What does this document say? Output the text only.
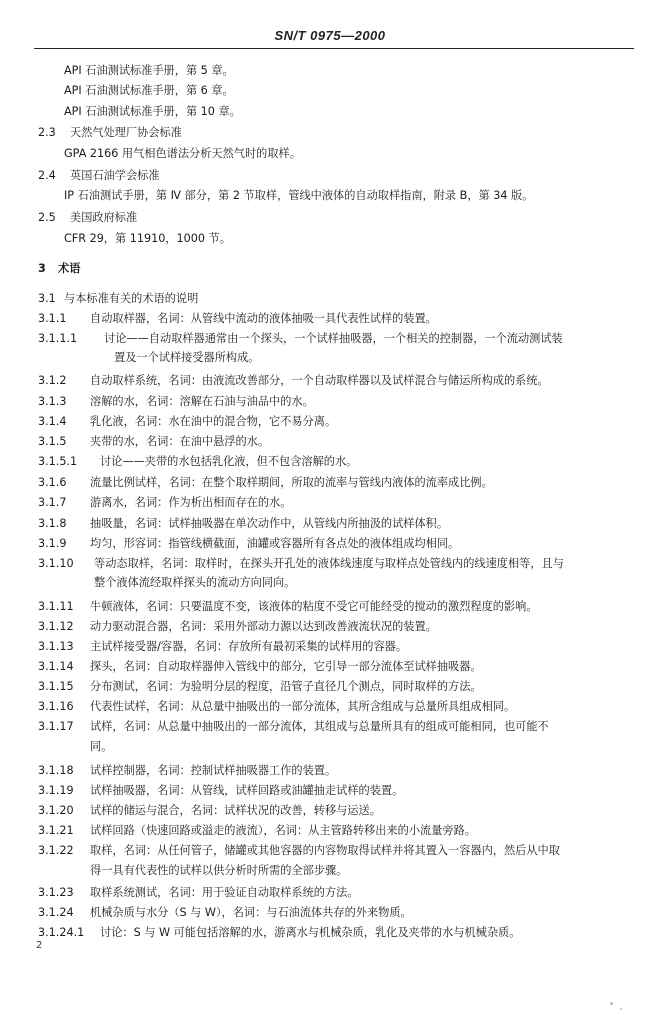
SN/T 0975—2000
API 石油测试标准手册，第 5 章。
API 石油测试标准手册，第 6 章。
API 石油测试标准手册，第 10 章。
2.3 天然气处理厂协会标准
GPA 2166 用气相色谱法分析天然气时的取样。
2.4 英国石油学会标准
IP 石油测试手册，第 Ⅳ 部分，第 2 节取样，管线中液体的自动取样指南，附录 B，第 34 版。
2.5 美国政府标准
CFR 29，第 11910，1000 节。
3 术语
3.1 与本标准有关的术语的说明
3.1.1 自动取样器，名词：从管线中流动的液体抽吸一具代表性试样的装置。
3.1.1.1 讨论——自动取样器通常由一个探头，一个试样抽吸器，一个相关的控制器，一个流动测试装
置及一个试样接受器所构成。
3.1.2 自动取样系统，名词：由液流改善部分，一个自动取样器以及试样混合与储运所构成的系统。
3.1.3 溶解的水，名词：溶解在石油与油品中的水。
3.1.4 乳化液，名词：水在油中的混合物，它不易分离。
3.1.5 夹带的水，名词：在油中悬浮的水。
3.1.5.1 讨论——夹带的水包括乳化液，但不包含溶解的水。
3.1.6 流量比例试样，名词：在整个取样期间，所取的流率与管线内液体的流率成比例。
3.1.7 游离水，名词：作为析出相而存在的水。
3.1.8 抽吸量，名词：试样抽吸器在单次动作中，从管线内所抽汲的试样体积。
3.1.9 均匀，形容词：指管线横截面，油罐或容器所有各点处的液体组成均相同。
3.1.10 等动态取样，名词：取样时，在探头开孔处的液体线速度与取样点处管线内的线速度相等，且与
整个液体流经取样探头的流动方向同向。
3.1.11 牛顿液体，名词：只要温度不变，该液体的粘度不受它可能经受的搅动的激烈程度的影响。
3.1.12 动力驱动混合器，名词：采用外部动力源以达到改善液流状况的装置。
3.1.13 主试样接受器/容器，名词：存放所有最初采集的试样用的容器。
3.1.14 探头，名词：自动取样器伸入管线中的部分，它引导一部分流体至试样抽吸器。
3.1.15 分布测试，名词：为验明分层的程度，沿管子直径几个测点，同时取样的方法。
3.1.16 代表性试样，名词：从总量中抽吸出的一部分流体，其所含组成与总量所具组成相同。
3.1.17 试样，名词：从总量中抽吸出的一部分流体，其组成与总量所具有的组成可能相同，也可能不
同。
3.1.18 试样控制器，名词：控制试样抽吸器工作的装置。
3.1.19 试样抽吸器，名词：从管线，试样回路或油罐抽走试样的装置。
3.1.20 试样的储运与混合，名词：试样状况的改善，转移与运送。
3.1.21 试样回路（快速回路或溢走的液流），名词：从主管路转移出来的小流量旁路。
3.1.22 取样，名词：从任何管子，储罐或其他容器的内容物取得试样并将其置入一容器内，然后从中取
得一具有代表性的试样以供分析时所需的全部步骤。
3.1.23 取样系统测试，名词：用于验证自动取样系统的方法。
3.1.24 机械杂质与水分（S 与 W），名词：与石油流体共存的外来物质。
3.1.24.1 讨论：S 与 W 可能包括溶解的水，游离水与机械杂质，乳化及夹带的水与机械杂质。
2
